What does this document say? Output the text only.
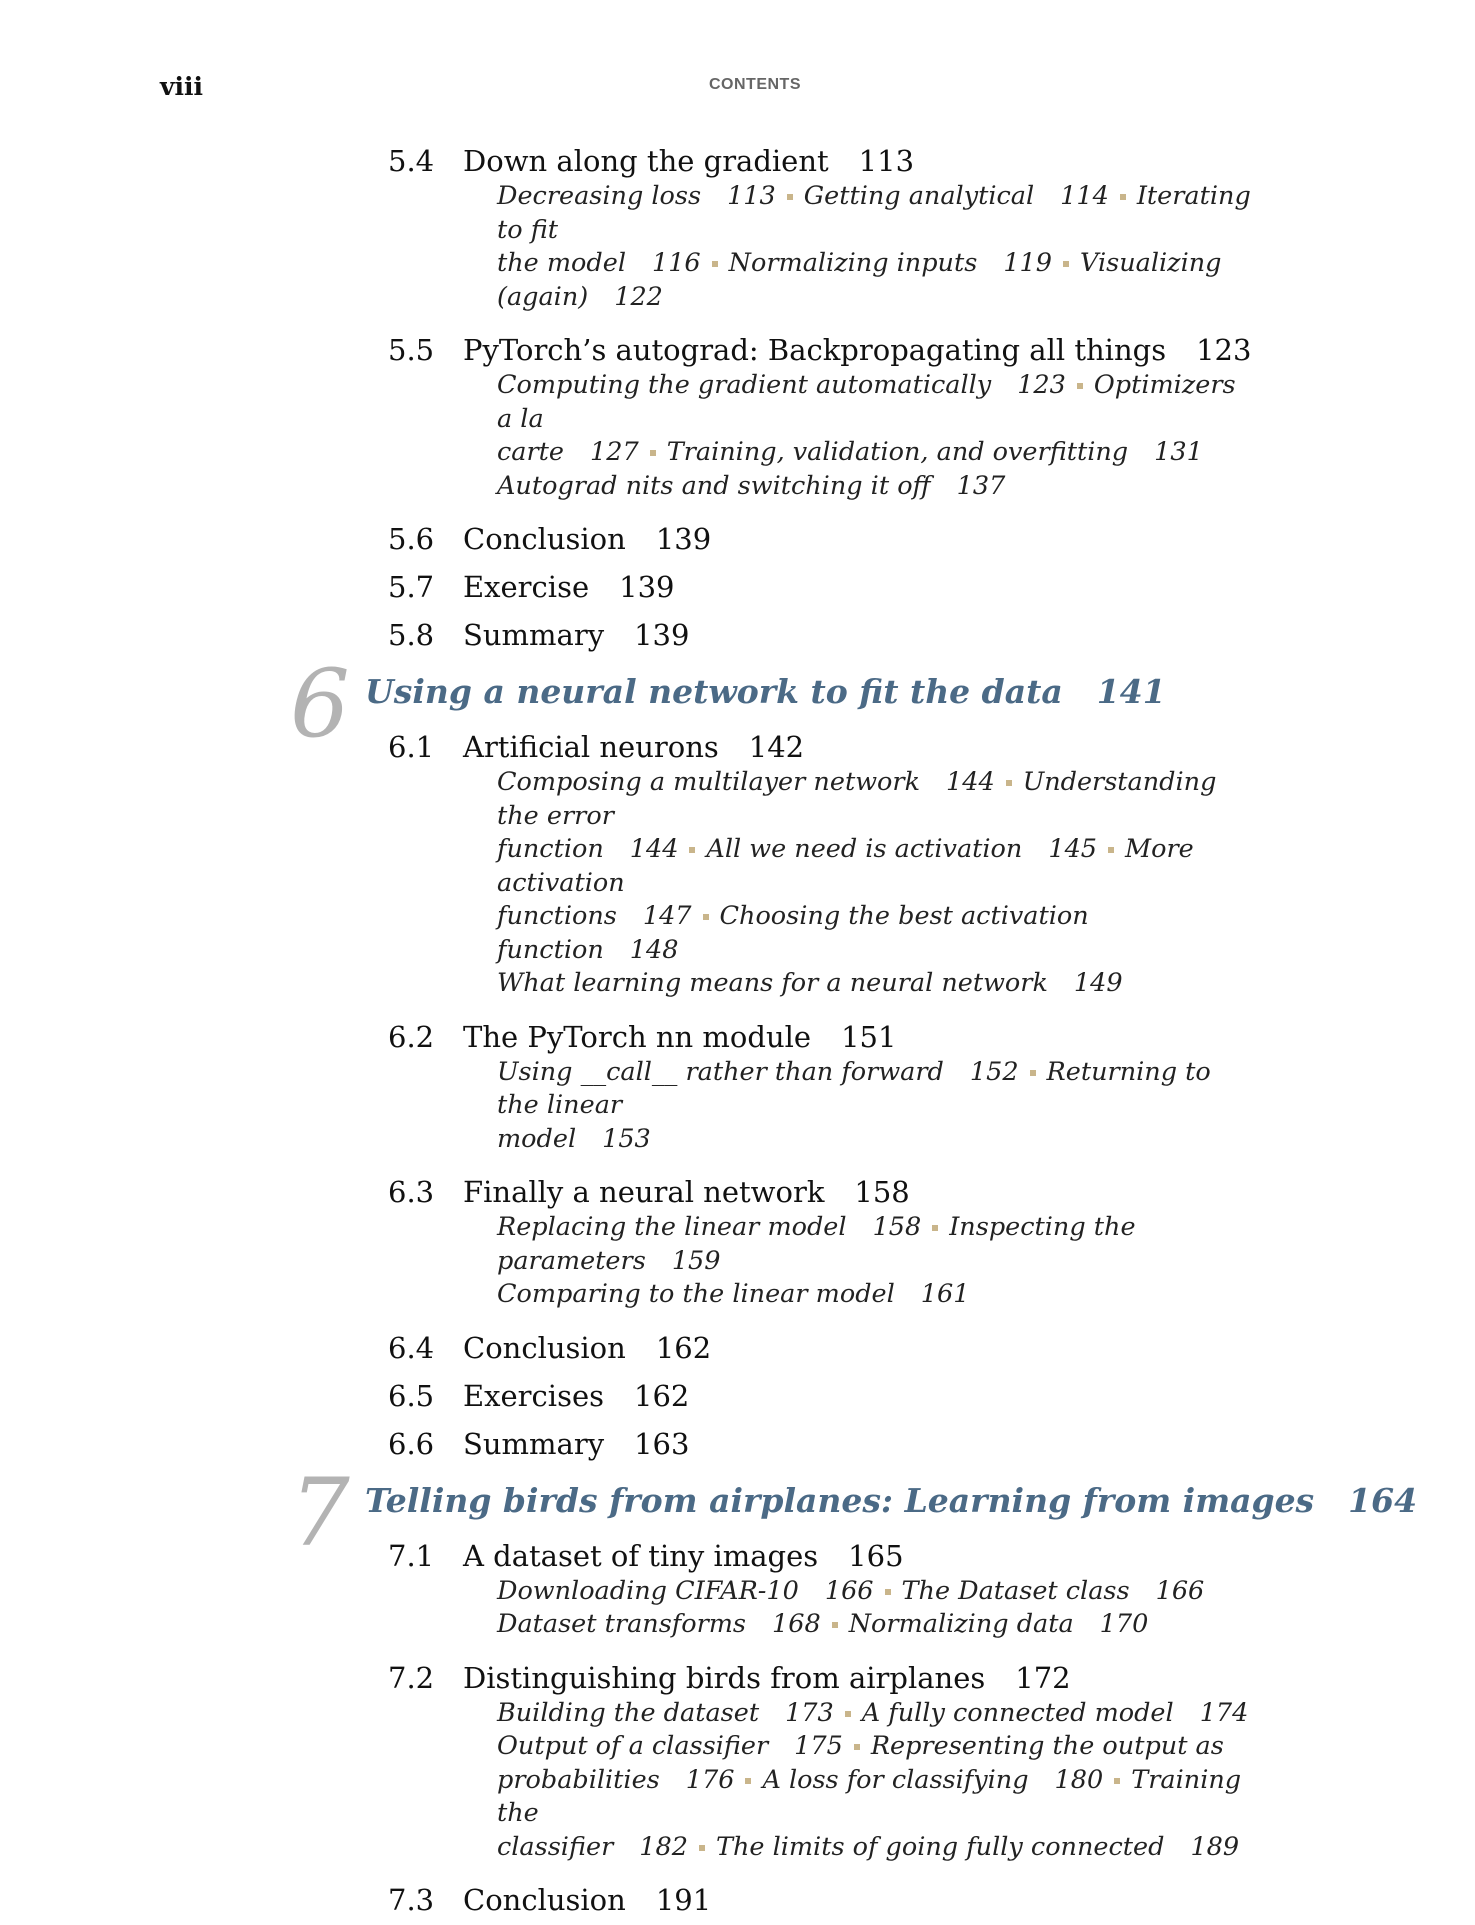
viii	CONTENTS
5.4 Down along the gradient 113
Decreasing loss 113 Getting analytical 114 Iterating to fit
the model 116 Normalizing inputs 119 Visualizing
(again) 122
5.5 PyTorch’s autograd: Backpropagating all things 123
Computing the gradient automatically 123 Optimizers a la
carte 127 Training, validation, and overfitting 131
Autograd nits and switching it off 137
5.6 Conclusion 139
5.7 Exercise 139
5.8 Summary 139
6 Using a neural network to fit the data 141
6.1 Artificial neurons 142
Composing a multilayer network 144 Understanding the error
function 144 All we need is activation 145 More activation
functions 147 Choosing the best activation function 148
What learning means for a neural network 149
6.2 The PyTorch nn module 151
Using __call__ rather than forward 152 Returning to the linear
model 153
6.3 Finally a neural network 158
Replacing the linear model 158 Inspecting the parameters 159
Comparing to the linear model 161
6.4 Conclusion 162
6.5 Exercises 162
6.6 Summary 163
7 Telling birds from airplanes: Learning from images 164
7.1 A dataset of tiny images 165
Downloading CIFAR-10 166 The Dataset class 166
Dataset transforms 168 Normalizing data 170
7.2 Distinguishing birds from airplanes 172
Building the dataset 173 A fully connected model 174
Output of a classifier 175 Representing the output as
probabilities 176 A loss for classifying 180 Training the
classifier 182 The limits of going fully connected 189
7.3 Conclusion 191
